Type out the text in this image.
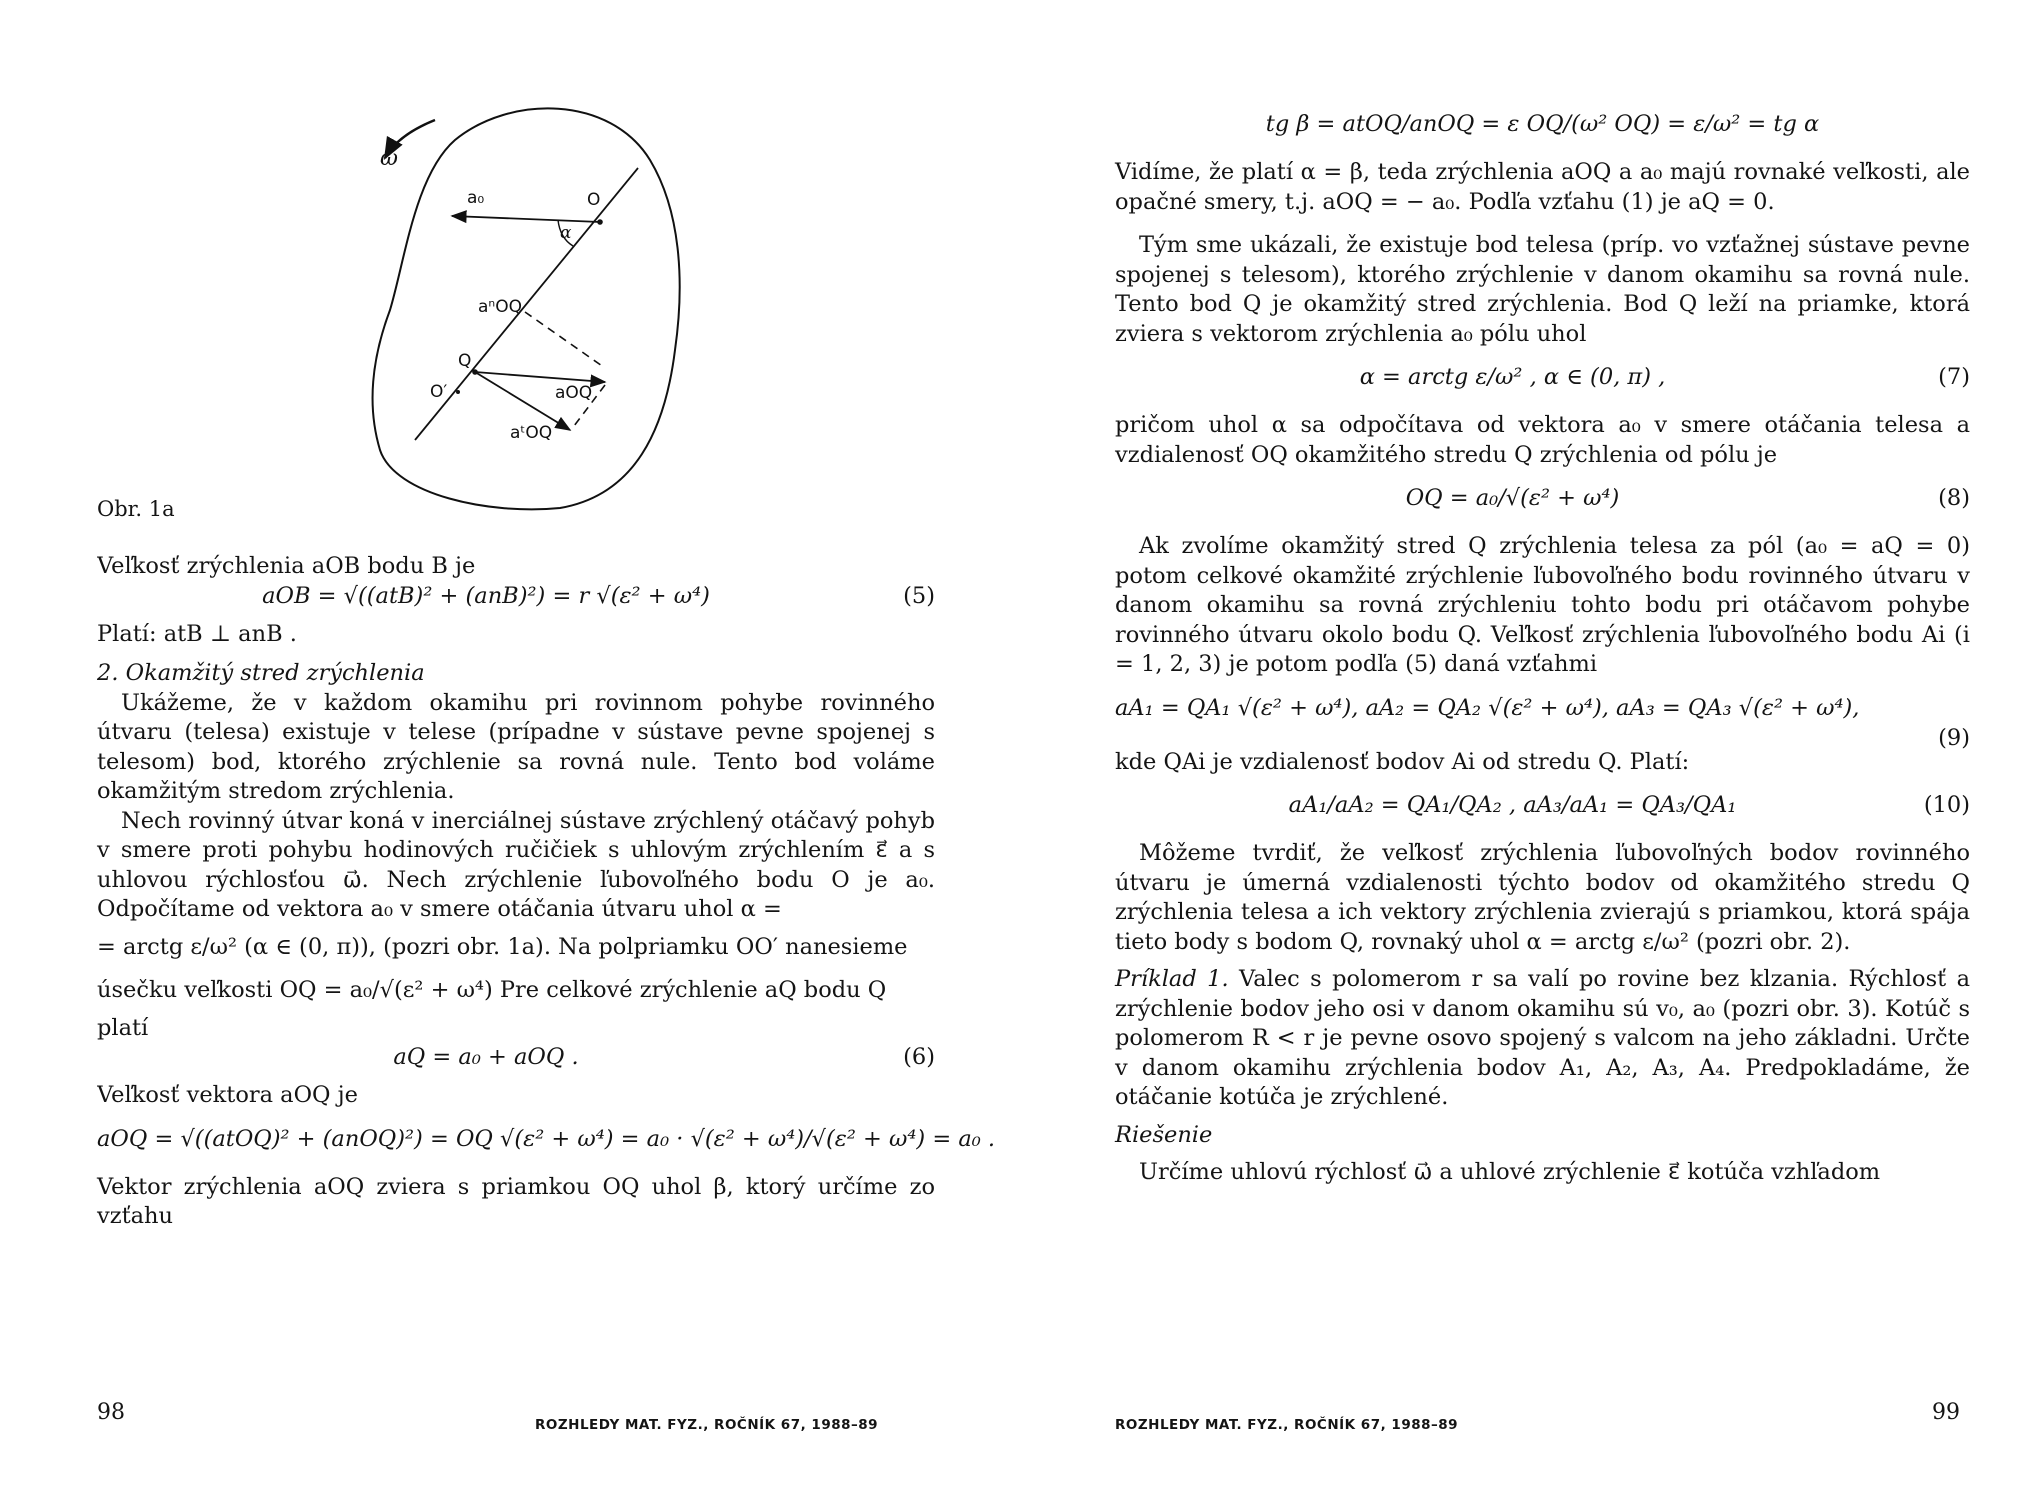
ω
a₀	O
α
aⁿOQ
Q
O′	aOQ
aᵗOQ
Obr. 1a
Veľkosť zrýchlenia aOB bodu B je
aOB = √((atB)² + (anB)²) = r √(ε² + ω⁴)	(5)
Platí: atB ⊥ anB .
2. Okamžitý stred zrýchlenia

Ukážeme, že v každom okamihu pri rovinnom pohybe rovinného útvaru (telesa) existuje v telese (prípadne v sústave pevne spojenej s telesom) bod, ktorého zrýchlenie sa rovná nule. Tento bod voláme okamžitým stredom zrýchlenia.

Nech rovinný útvar koná v inerciálnej sústave zrýchlený otáčavý pohyb v smere proti pohybu hodinových ručičiek s uhlovým zrýchlením ε⃗ a s uhlovou rýchlosťou ω⃗. Nech zrýchlenie ľubovoľného bodu O je a₀. Odpočítame od vektora a₀ v smere otáčania útvaru uhol α =

= arctg ε/ω² (α ∈ (0, π)), (pozri obr. 1a). Na polpriamku OO′ nanesieme
úsečku veľkosti OQ = a₀/√(ε² + ω⁴) Pre celkové zrýchlenie aQ bodu Q
platí
aQ = a₀ + aOQ .	(6)
Veľkosť vektora aOQ je
aOQ = √((atOQ)² + (anOQ)²) = OQ √(ε² + ω⁴) = a₀ · √(ε² + ω⁴)/√(ε² + ω⁴) = a₀ .

Vektor zrýchlenia aOQ zviera s priamkou OQ uhol β, ktorý určíme zo vzťahu

98	ROZHLEDY MAT. FYZ., ROČNÍK 67, 1988–89
tg β = atOQ/anOQ = ε OQ/(ω² OQ) = ε/ω² = tg α

Vidíme, že platí α = β, teda zrýchlenia aOQ a a₀ majú rovnaké veľkosti, ale opačné smery, t.j. aOQ = − a₀. Podľa vzťahu (1) je aQ = 0.

Tým sme ukázali, že existuje bod telesa (príp. vo vzťažnej sústave pevne spojenej s telesom), ktorého zrýchlenie v danom okamihu sa rovná nule. Tento bod Q je okamžitý stred zrýchlenia. Bod Q leží na priamke, ktorá zviera s vektorom zrýchlenia a₀ pólu uhol

α = arctg ε/ω² , α ∈ (0, π) ,	(7)

pričom uhol α sa odpočítava od vektora a₀ v smere otáčania telesa a vzdialenosť OQ okamžitého stredu Q zrýchlenia od pólu je

OQ = a₀/√(ε² + ω⁴)	(8)

Ak zvolíme okamžitý stred Q zrýchlenia telesa za pól (a₀ = aQ = 0) potom celkové okamžité zrýchlenie ľubovoľného bodu rovinného útvaru v danom okamihu sa rovná zrýchleniu tohto bodu pri otáčavom pohybe rovinného útvaru okolo bodu Q. Veľkosť zrýchlenia ľubovoľného bodu Ai (i = 1, 2, 3) je potom podľa (5) daná vzťahmi

aA₁ = QA₁ √(ε² + ω⁴), aA₂ = QA₂ √(ε² + ω⁴), aA₃ = QA₃ √(ε² + ω⁴),
(9)
kde QAi je vzdialenosť bodov Ai od stredu Q. Platí:
aA₁/aA₂ = QA₁/QA₂ , aA₃/aA₁ = QA₃/QA₁	(10)

Môžeme tvrdiť, že veľkosť zrýchlenia ľubovoľných bodov rovinného útvaru je úmerná vzdialenosti týchto bodov od okamžitého stredu Q zrýchlenia telesa a ich vektory zrýchlenia zvierajú s priamkou, ktorá spája tieto body s bodom Q, rovnaký uhol α = arctg ε/ω² (pozri obr. 2).

Príklad 1. Valec s polomerom r sa valí po rovine bez klzania. Rýchlosť a zrýchlenie bodov jeho osi v danom okamihu sú v₀, a₀ (pozri obr. 3). Kotúč s polomerom R < r je pevne osovo spojený s valcom na jeho základni. Určte v danom okamihu zrýchlenia bodov A₁, A₂, A₃, A₄. Predpokladáme, že otáčanie kotúča je zrýchlené.

Riešenie

Určíme uhlovú rýchlosť ω⃗ a uhlové zrýchlenie ε⃗ kotúča vzhľadom

ROZHLEDY MAT. FYZ., ROČNÍK 67, 1988–89	99
